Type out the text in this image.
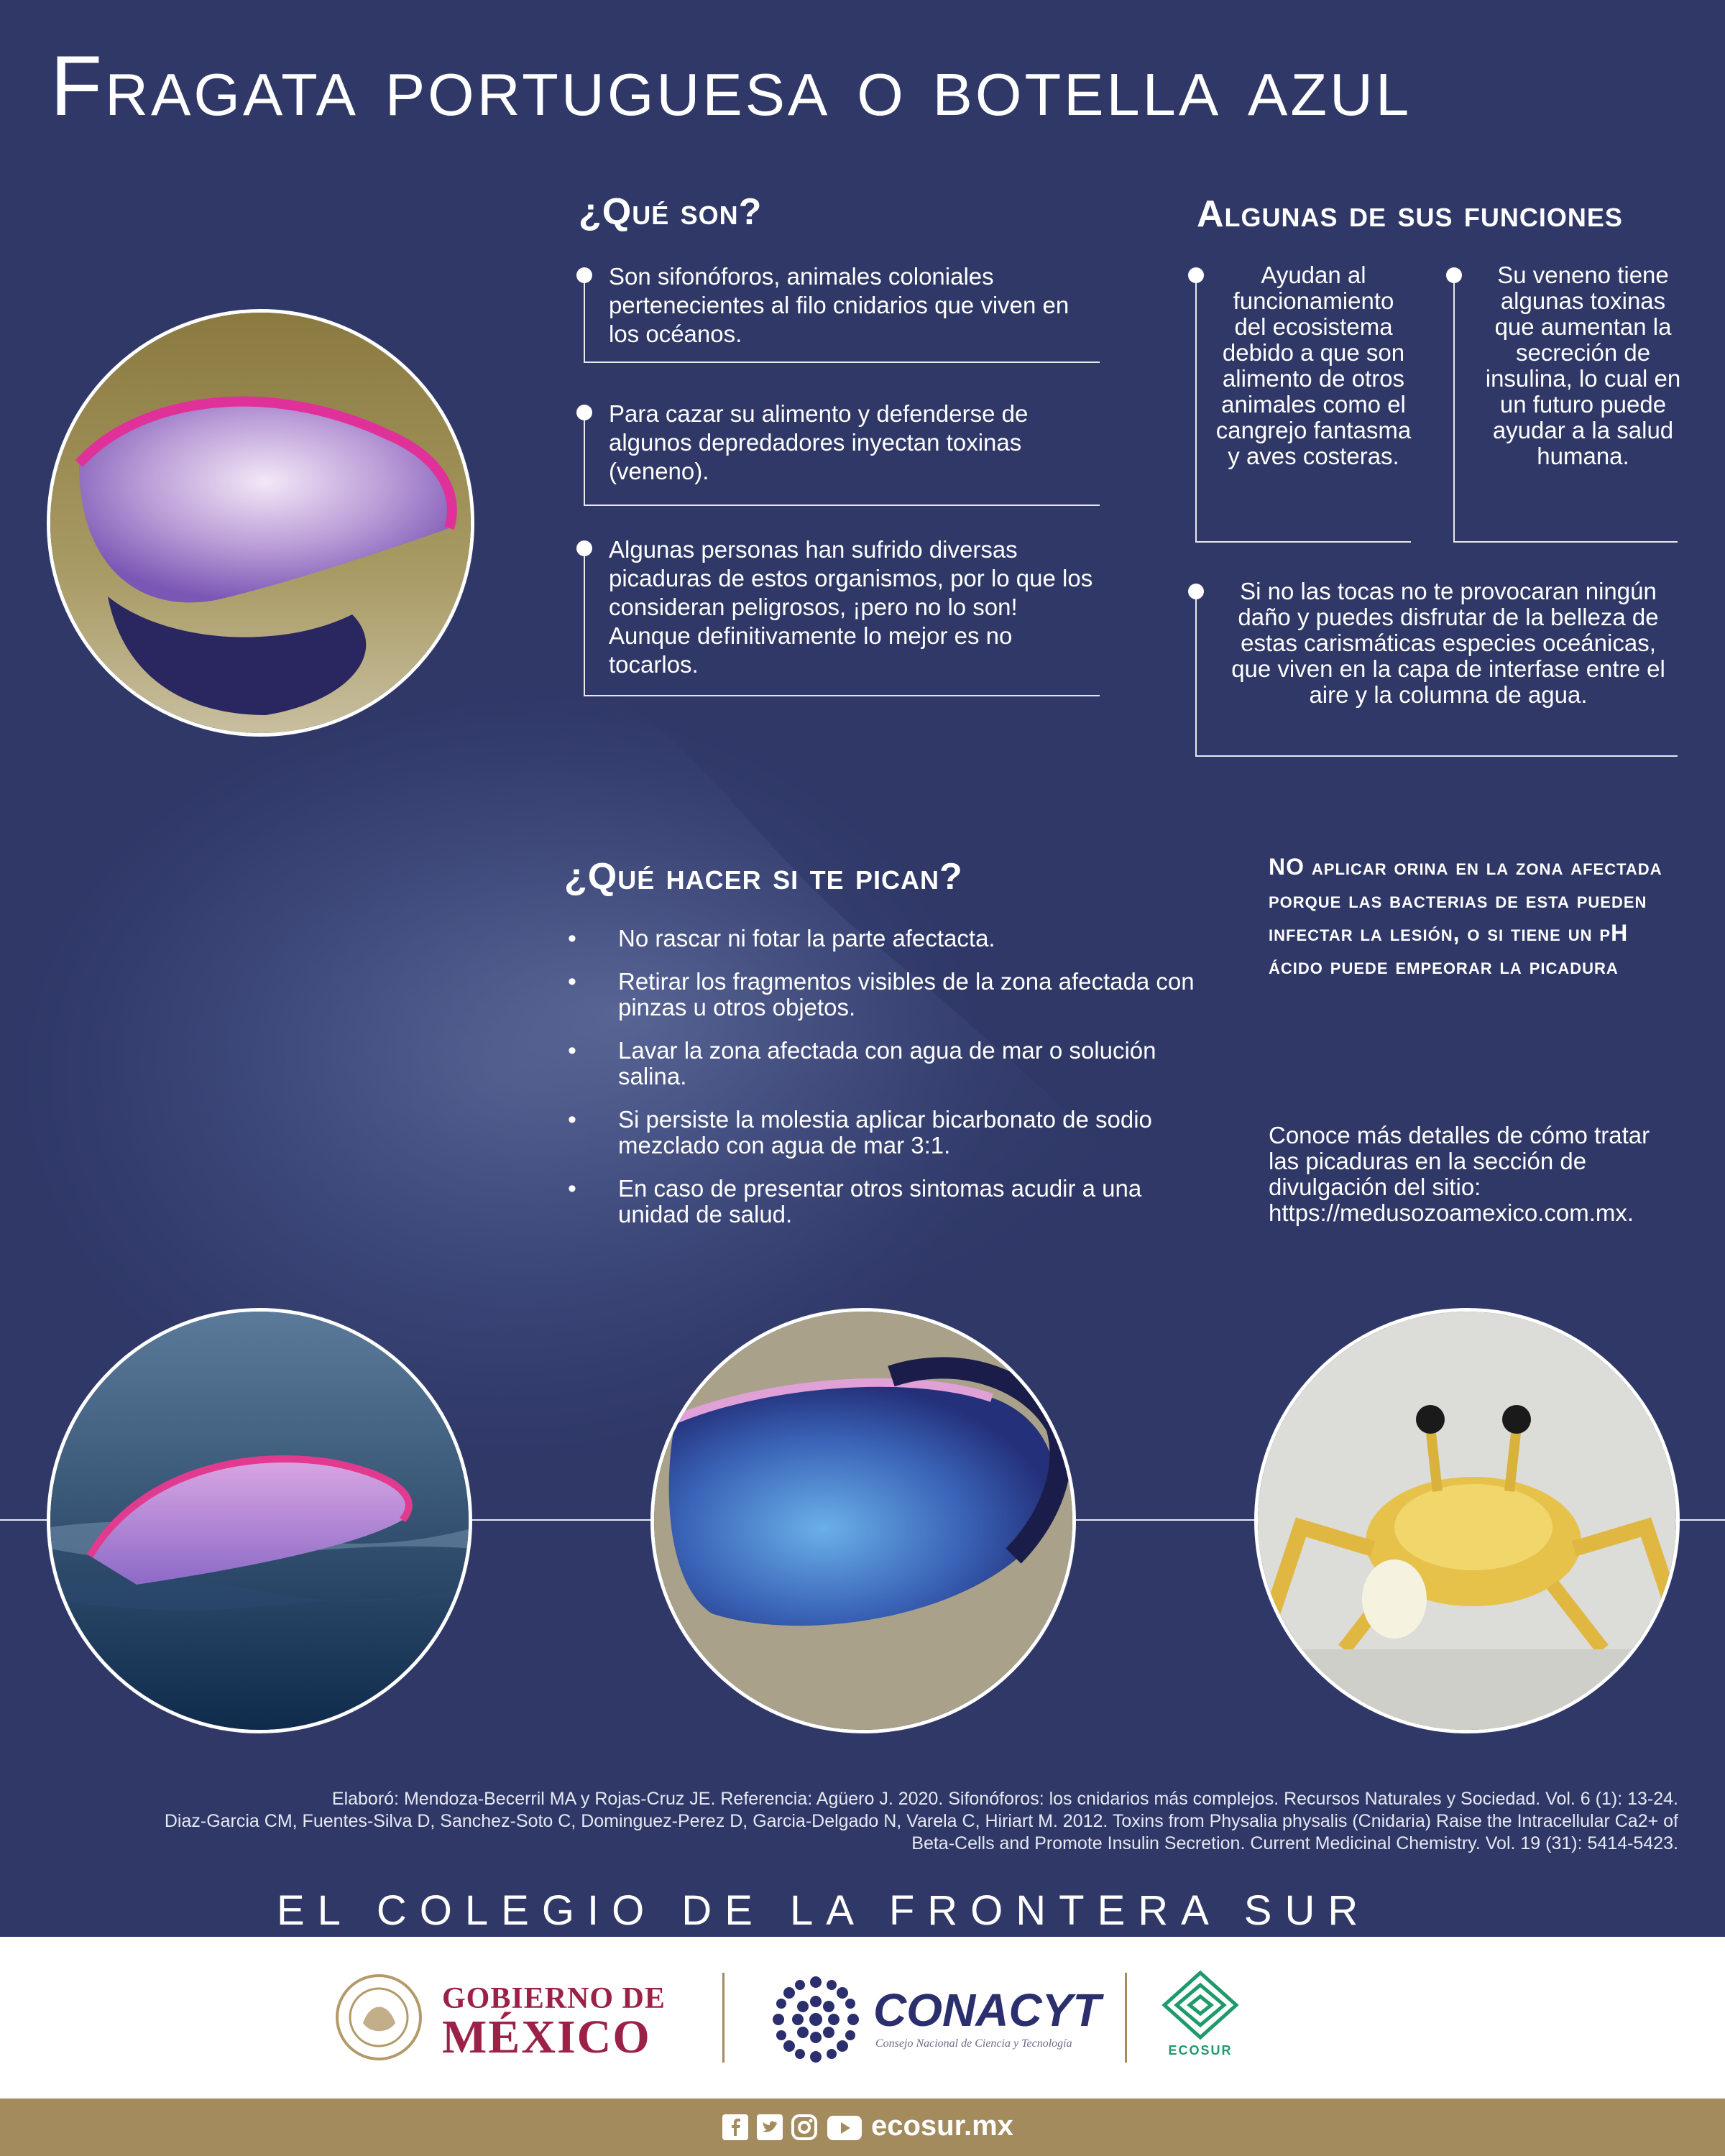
Fragata portuguesa o botella azul
¿Qué son?
Son sifonóforos, animales coloniales pertenecientes al filo cnidarios que viven en los océanos.
Para cazar su alimento y defenderse de algunos depredadores inyectan toxinas (veneno).
Algunas personas han sufrido diversas picaduras de estos organismos, por lo que los consideran peligrosos, ¡pero no lo son! Aunque definitivamente lo mejor es no tocarlos.
Algunas de sus funciones
Ayudan al funcionamiento del ecosistema debido a que son alimento de otros animales como el cangrejo fantasma y aves costeras.
Su veneno tiene algunas toxinas que aumentan la secreción de insulina, lo cual en un futuro puede ayudar a la salud humana.
Si no las tocas no te provocaran ningún daño y puedes disfrutar de la belleza de estas carismáticas especies oceánicas, que viven en la capa de interfase entre el aire y la columna de agua.
¿Qué hacer si te pican?
• No rascar ni fotar la parte afectacta.
• Retirar los fragmentos visibles de la zona afectada con pinzas u otros objetos.
• Lavar la zona afectada con agua de mar o solución salina.
• Si persiste la molestia aplicar bicarbonato de sodio mezclado con agua de mar 3:1.
• En caso de presentar otros sintomas acudir a una unidad de salud.
NO aplicar orina en la zona afectada porque las bacterias de esta pueden infectar la lesión, o si tiene un pH ácido puede empeorar la picadura
Conoce más detalles de cómo tratar las picaduras en la sección de divulgación del sitio: https://medusozoamexico.com.mx.
Elaboró: Mendoza-Becerril MA y Rojas-Cruz JE. Referencia: Agüero J. 2020. Sifonóforos: los cnidarios más complejos. Recursos Naturales y Sociedad. Vol. 6 (1): 13-24.
Diaz-Garcia CM, Fuentes-Silva D, Sanchez-Soto C, Dominguez-Perez D, Garcia-Delgado N, Varela C, Hiriart M. 2012. Toxins from Physalia physalis (Cnidaria) Raise the Intracellular Ca2+ of
Beta-Cells and Promote Insulin Secretion. Current Medicinal Chemistry. Vol. 19 (31): 5414-5423.
EL COLEGIO DE LA FRONTERA SUR
GOBIERNO DE
MÉXICO
CONACYT
Consejo Nacional de Ciencia y Tecnología	ECOSUR
ecosur.mx
